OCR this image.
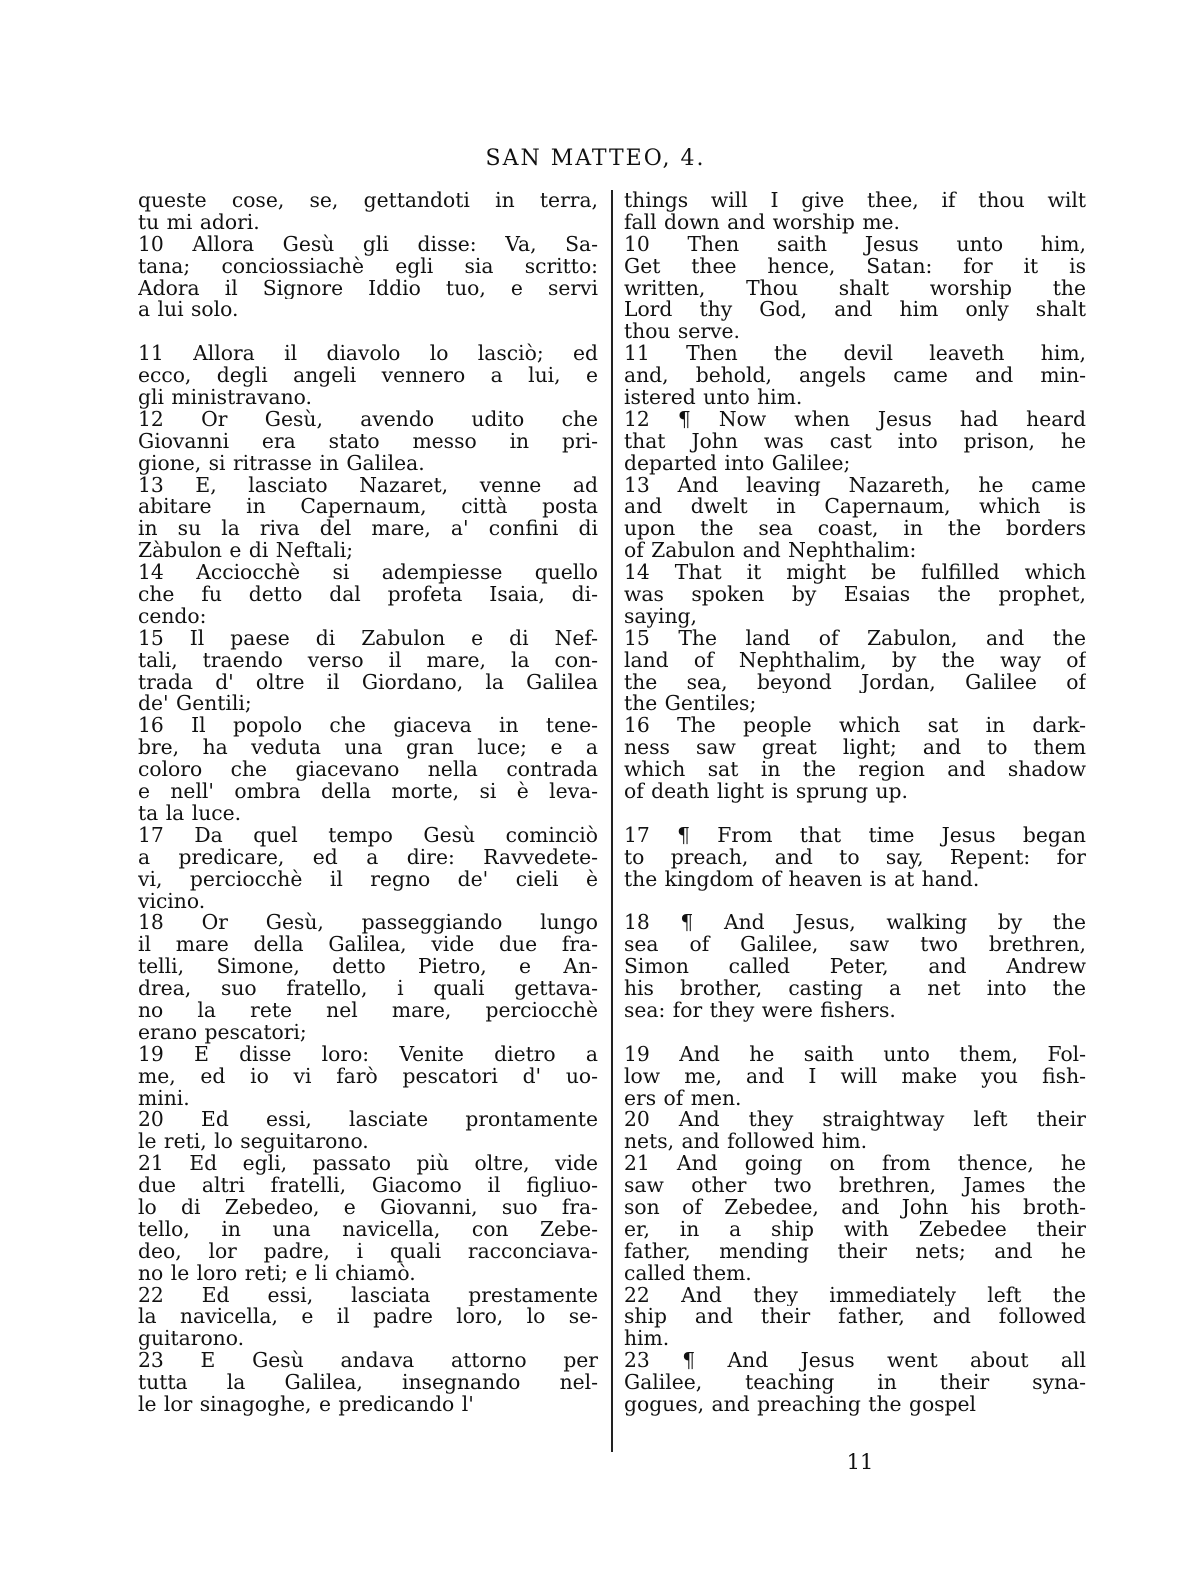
SAN MATTEO, 4.
queste cose, se, gettandoti in terra,
tu mi adori.
10 Allora Gesù gli disse: Va, Sa-
tana; conciossiachè egli sia scritto:
Adora il Signore Iddio tuo, e servi
a lui solo.
11 Allora il diavolo lo lasciò; ed
ecco, degli angeli vennero a lui, e
gli ministravano.
12 Or Gesù, avendo udito che
Giovanni era stato messo in pri-
gione, si ritrasse in Galilea.
13 E, lasciato Nazaret, venne ad
abitare in Capernaum, città posta
in su la riva del mare, a' confini di
Zàbulon e di Neftali;
14 Acciocchè si adempiesse quello
che fu detto dal profeta Isaia, di-
cendo:
15 Il paese di Zabulon e di Nef-
tali, traendo verso il mare, la con-
trada d' oltre il Giordano, la Galilea
de' Gentili;
16 Il popolo che giaceva in tene-
bre, ha veduta una gran luce; e a
coloro che giacevano nella contrada
e nell' ombra della morte, si è leva-
ta la luce.
17 Da quel tempo Gesù cominciò
a predicare, ed a dire: Ravvedete-
vi, perciocchè il regno de' cieli è
vicino.
18 Or Gesù, passeggiando lungo
il mare della Galilea, vide due fra-
telli, Simone, detto Pietro, e An-
drea, suo fratello, i quali gettava-
no la rete nel mare, perciocchè
erano pescatori;
19 E disse loro: Venite dietro a
me, ed io vi farò pescatori d' uo-
mini.
20 Ed essi, lasciate prontamente
le reti, lo seguitarono.
21 Ed egli, passato più oltre, vide
due altri fratelli, Giacomo il figliuo-
lo di Zebedeo, e Giovanni, suo fra-
tello, in una navicella, con Zebe-
deo, lor padre, i quali racconciava-
no le loro reti; e li chiamò.
22 Ed essi, lasciata prestamente
la navicella, e il padre loro, lo se-
guitarono.
23 E Gesù andava attorno per
tutta la Galilea, insegnando nel-
le lor sinagoghe, e predicando l'
things will I give thee, if thou wilt
fall down and worship me.
10 Then saith Jesus unto him,
Get thee hence, Satan: for it is
written, Thou shalt worship the
Lord thy God, and him only shalt
thou serve.
11 Then the devil leaveth him,
and, behold, angels came and min-
istered unto him.
12 ¶ Now when Jesus had heard
that John was cast into prison, he
departed into Galilee;
13 And leaving Nazareth, he came
and dwelt in Capernaum, which is
upon the sea coast, in the borders
of Zabulon and Nephthalim:
14 That it might be fulfilled which
was spoken by Esaias the prophet,
saying,
15 The land of Zabulon, and the
land of Nephthalim, by the way of
the sea, beyond Jordan, Galilee of
the Gentiles;
16 The people which sat in dark-
ness saw great light; and to them
which sat in the region and shadow
of death light is sprung up.
17 ¶ From that time Jesus began
to preach, and to say, Repent: for
the kingdom of heaven is at hand.
18 ¶ And Jesus, walking by the
sea of Galilee, saw two brethren,
Simon called Peter, and Andrew
his brother, casting a net into the
sea: for they were fishers.
19 And he saith unto them, Fol-
low me, and I will make you fish-
ers of men.
20 And they straightway left their
nets, and followed him.
21 And going on from thence, he
saw other two brethren, James the
son of Zebedee, and John his broth-
er, in a ship with Zebedee their
father, mending their nets; and he
called them.
22 And they immediately left the
ship and their father, and followed
him.
23 ¶ And Jesus went about all
Galilee, teaching in their syna-
gogues, and preaching the gospel
11
